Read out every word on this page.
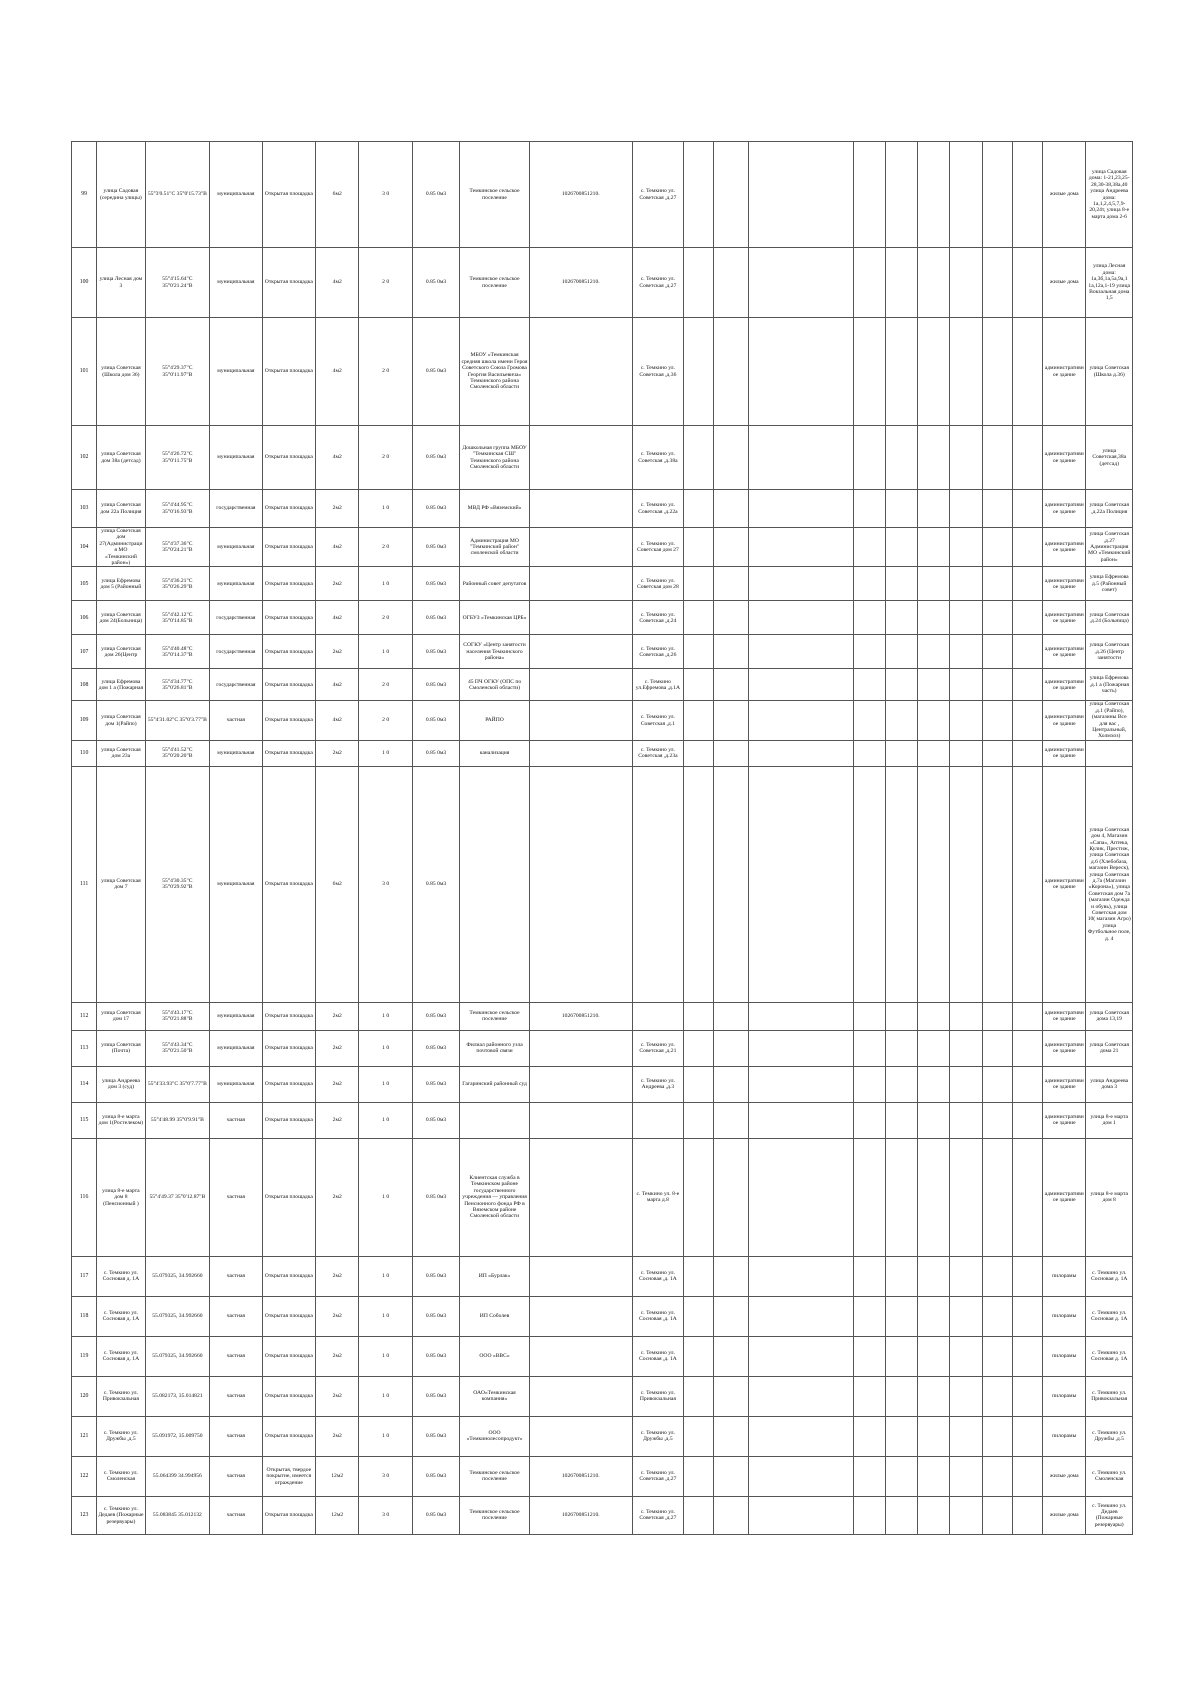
99	улица Садовая (середина улицы)	55°3'0.51"С 35°0'15.73"В	муниципальная	Открытая площадка	6м2	3 0	0.85 0м3	Темкинское сельское поселение	1026700851210.	с. Темкино ул. Советская ,д.27										жилые дома	улица Садовая дома: 1-21,23,25-28,30-38,38а,40 улица Андреева дома: 1а,1,2,4,5,7,9-20,24т, улица 8-е марта дома 2-6
100	улица Лесная дом 3	55°4'15.64"С 35°0'21.24"В	муниципальная	Открытая площадка	4м2	2 0	0.85 0м3	Темкинское сельское поселение	1026700851210.	с. Темкино ул. Советская ,д.27										жилые дома	улица Лесная дома: 1а,3б,1а,5а,9а,1 1а,12а,1-19 улица Вокзальная дома 1,5
101	улица Советская (Школа дом 36)	55°4'29.37"С 35°0'11.97"В	муниципальная	Открытая площадка	4м2	2 0	0.85 0м3	МБОУ «Темкинская средняя школа имени Героя Советского Союза Громова Георгия Васильевича» Темкинского района Смоленской области		с. Темкино ул. Советская ,д.36										административное здание	улица Советская (Школа д.36)
102	улица Советская дом 38а (детсад)	55°4'26.72"С 35°0'11.75"В	муниципальная	Открытая площадка	4м2	2 0	0.85 0м3	Дошкольная группа МБОУ "Темкинская СШ" Темкинского района Смоленской области		с. Темкино ул. Советская ,д.38а										административное здание	улица Советская,38а (детсад)
103	улица Советская дом 22а Полиция	55°4'44.95"С 35°0'16.93"В	государственная	Открытая площадка	2м2	1 0	0.85 0м3	МВД РФ «Вяземский»		с. Темкино ул. Советская ,д.22а										административное здание	улица Советская ,д.22а Полиция
104	улица Советская дом 27(Администрация МО «Темкинский район»)	55°4'37.36"С 35°0'24.21"В	муниципальная	Открытая площадка	4м2	2 0	0.85 0м3	Администрация МО "Темкинский район" смоленской области		с. Темкино ул. Советская дом 27										административное здание	улица Советская ,д.27 Администрация МО «Темкинский район»
105	улица Ефремова дом 5 (Районный	55°4'36.21"С 35°0'26.29"В	муниципальная	Открытая площадка	2м2	1 0	0.85 0м3	Районный совет депутатов		с. Темкино ул. Советская дом 28										административное здание	улица Ефремова д.5 (Районный совет)
106	улица Советская дом 24(Больница)	55°4'42.12"С 35°0'14.85"В	государственная	Открытая площадка	4м2	2 0	0.85 0м3	ОГБУЗ «Темкинская ЦРБ»		с. Темкино ул. Советская ,д.24										административное здание	улица Советская ,д.24 (Больница)
107	улица Советская дом 26(Центр	55°4'40.48"С 35°0'14.37"В	государственная	Открытая площадка	2м2	1 0	0.85 0м3	СОГКУ «Центр занятости населения Темкинского района»		с. Темкино ул. Советская ,д.26										административное здание	улица Советская ,д.26 (Центр занятости
108	улица Ефремова дом 1 а (Пожарная	55°4'34.77"С 35°0'26.81"В	государственная	Открытая площадка	4м2	2 0	0.85 0м3	45 ПЧ ОГКУ (ОПС по Смоленской области)		с. Темкино ул.Ефремова ,д.1А										административное здание	улица Ефремова ,д.1 а (Пожарная часть)
109	улица Советская дом 1(Райпо)	55°4'31.02"С 35°0'3.77"В	частная	Открытая площадка	4м2	2 0	0.85 0м3	РАЙПО		с. Темкино ул. Советская ,д.1										административное здание	улица Советская ,д.1 (Райпо), (магазины Все для вас , Центральный, Холмхоз)
110	улица Советская дом 23а	55°4'41.52"С 35°0'20.20"В	муниципальная	Открытая площадка	2м2	1 0	0.85 0м3	канализация		с. Темкино ул. Советская ,д.23а										административное здание	
111	улица Советская дом 7	55°4'30.35"С 35°0'29.92"В	муниципальная	Открытая площадка	6м2	3 0	0.85 0м3													административное здание	улица Советская дом 4, Магазин «Сапа», Аптека, Кулик, Престиж, улица Советская д.6 (Хлебобаза, магазин Вереск), улица Советская д.7а (Магазин «Корона»), улица Советская дом 7а (магазин Одежда и обувь), улица Советская дом 10( магазин Агро) улица Футбольное поле, д. 4
112	улица Советская дом 17	55°4'43.17"С 35°0'21.88"В	муниципальная	Открытая площадка	2м2	1 0	0.85 0м3	Темкинское сельское поселение	1026700851210.											административное здание	улица Советская дома 13,19
113	улица Советская (Почта)	55°4'43.34"С 35°0'21.50"В	муниципальная	Открытая площадка	2м2	1 0	0.85 0м3	Филиал районного узла почтовой связи		с. Темкино ул. Советская ,д.21										административное здание	улица Советская дома 21
114	улица Андреева дом 3 (суд)	55°4'33.93"С 35°0'7.77"В	муниципальная	Открытая площадка	2м2	1 0	0.85 0м3	Гагаринский районный суд		с. Темкино ул. Андреева ,д.3										административное здание	улица Андреева дома 3
115	улица 8-е марта дом 1(Ростелеком)	55°4'48.99 35°0'9.91"В	частная	Открытая площадка	2м2	1 0	0.85 0м3													административное здание	улица 8-е марта дом 1
116	улица 8-е марта дом 8 (Пенсионный )	55°4'49.37 35°0'12.87"В	частная	Открытая площадка	2м2	1 0	0.85 0м3	Клиентская служба в Темкинском районе государственного учреждения — управления Пенсионного фонда РФ в Вяземском районе Смоленской области		с. Темкино ул. 8-е марта д.8										административное здание	улица 8-е марта дом 8
117	с. Темкино ул. Сосновая д. 1А	55.079325, 34.992660	частная	Открытая площадка	2м2	1 0	0.85 0м3	ИП «Бурлак»		с. Темкино ул. Сосновая ,д. 1А										пилорамы	с. Темкино ул. Сосновая д. 1А
118	с. Темкино ул. Сосновая д. 1А	55.079325, 34.992660	частная	Открытая площадка	2м2	1 0	0.85 0м3	ИП Соболев		с. Темкино ул. Сосновая ,д. 1А										пилорамы	с. Темкино ул. Сосновая д. 1А
119	с. Темкино ул. Сосновая д. 1А	55.079325, 34.992660	частная	Открытая площадка	2м2	1 0	0.85 0м3	ООО «ВВС»		с. Темкино ул. Сосновая ,д. 1А										пилорамы	с. Темкино ул. Сосновая д. 1А
120	с. Темкино ул. Привокзальная	55.082173, 35.014821	частная	Открытая площадка	2м2	1 0	0.85 0м3	ОАО«Темкинская компания»		с. Темкино ул. Привокзальная										пилорамы	с. Темкино ул. Привокзальная
121	с. Темкино ул. Дружбы ,д.5	55.091972, 35.009750	частная	Открытая площадка	2м2	1 0	0.85 0м3	ООО «Темкинолесопродукт»		с. Темкино ул. Дружбы ,д.5										пилорамы	с. Темкино ул. Дружбы ,д.5
122	с. Темкино ул. Смоленская	55.064399 34.994956	частная	Открытая, твердое покрытие, имеется ограждение	12м2	3 0	0.85 0м3	Темкинское сельское поселение	1026700851210.	с. Темкино ул. Советская ,д.27										жилые дома	с. Темкино ул. Смоленская
123	с. Темкино ул. Дедаев (Пожарные резервуары)	55.083845 35.012132	частная	Открытая площадка	12м2	3 0	0.85 0м3	Темкинское сельское поселение	1026700851210.	с. Темкино ул. Советская ,д.27										жилые дома	с. Темкино ул. Дедаев (Пожарные резервуары)
